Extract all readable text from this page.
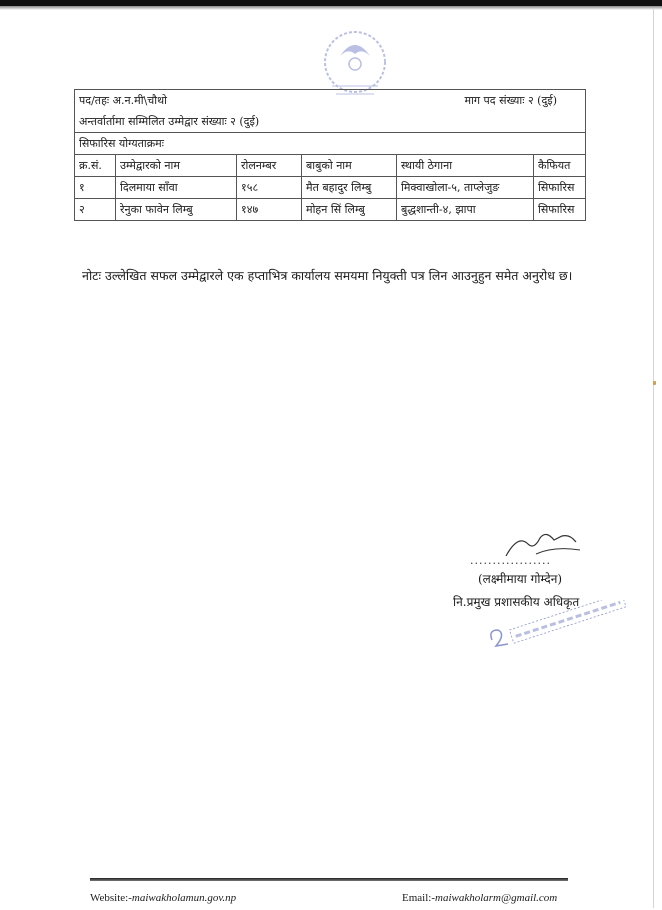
पद/तहः अ.न.मी\चौथो माग पद संख्याः २ (दुई)					

अन्तर्वार्तामा सम्मिलित उम्मेद्वार संख्याः २ (दुई)					
सिफारिस योग्यताक्रमः					
क्र.सं.	उम्मेद्वारको नाम	रोलनम्बर	बाबुको नाम	स्थायी ठेगाना	कैफियत
१	दिलमाया साँवा	१५८	मैत बहादुर लिम्बु	मिक्वाखोला-५, ताप्लेजुङ	सिफारिस
२	रेनुका फावेन लिम्बु	१४७	मोहन सिं लिम्बु	बुद्धशान्ती-४, झापा	सिफारिस
नोटः उल्लेखित सफल उम्मेद्वारले एक हप्ताभित्र कार्यालय समयमा नियुक्ती पत्र लिन आउनुहुन समेत अनुरोध छ।
..................
(लक्ष्मीमाया गोम्देन)
नि.प्रमुख प्रशासकीय अधिकृत
Website:-maiwakholamun.gov.np	Email:-maiwakholarm@gmail.com
